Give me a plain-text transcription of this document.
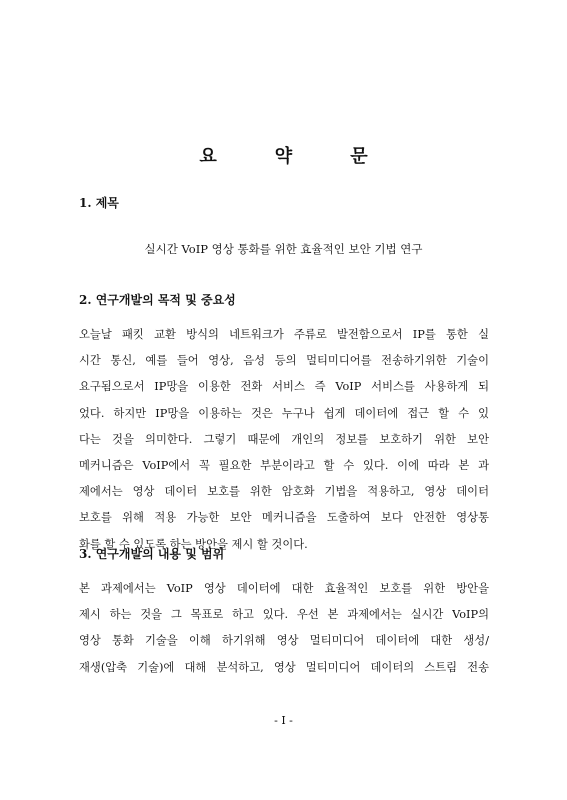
요	약	문
1. 제목
실시간 VoIP 영상 통화를 위한 효율적인 보안 기법 연구
2. 연구개발의 목적 및 중요성
오늘날 패킷 교환 방식의 네트워크가 주류로 발전함으로서 IP를 통한 실
시간 통신, 예를 들어 영상, 음성 등의 멀티미디어를 전송하기위한 기술이
요구됨으로서 IP망을 이용한 전화 서비스 즉 VoIP 서비스를 사용하게 되
었다. 하지만 IP망을 이용하는 것은 누구나 쉽게 데이터에 접근 할 수 있
다는 것을 의미한다. 그렇기 때문에 개인의 정보를 보호하기 위한 보안
메커니즘은 VoIP에서 꼭 필요한 부분이라고 할 수 있다. 이에 따라 본 과
제에서는 영상 데이터 보호를 위한 암호화 기법을 적용하고, 영상 데이터
보호를 위해 적용 가능한 보안 메커니즘을 도출하여 보다 안전한 영상통
화를 할 수 있도록 하는 방안을 제시 할 것이다.
3. 연구개발의 내용 및 범위
본 과제에서는 VoIP 영상 데이터에 대한 효율적인 보호를 위한 방안을
제시 하는 것을 그 목표로 하고 있다. 우선 본 과제에서는 실시간 VoIP의
영상 통화 기술을 이해 하기위해 영상 멀티미디어 데이터에 대한 생성/
재생(압축 기술)에 대해 분석하고, 영상 멀티미디어 데이터의 스트림 전송
- I -
